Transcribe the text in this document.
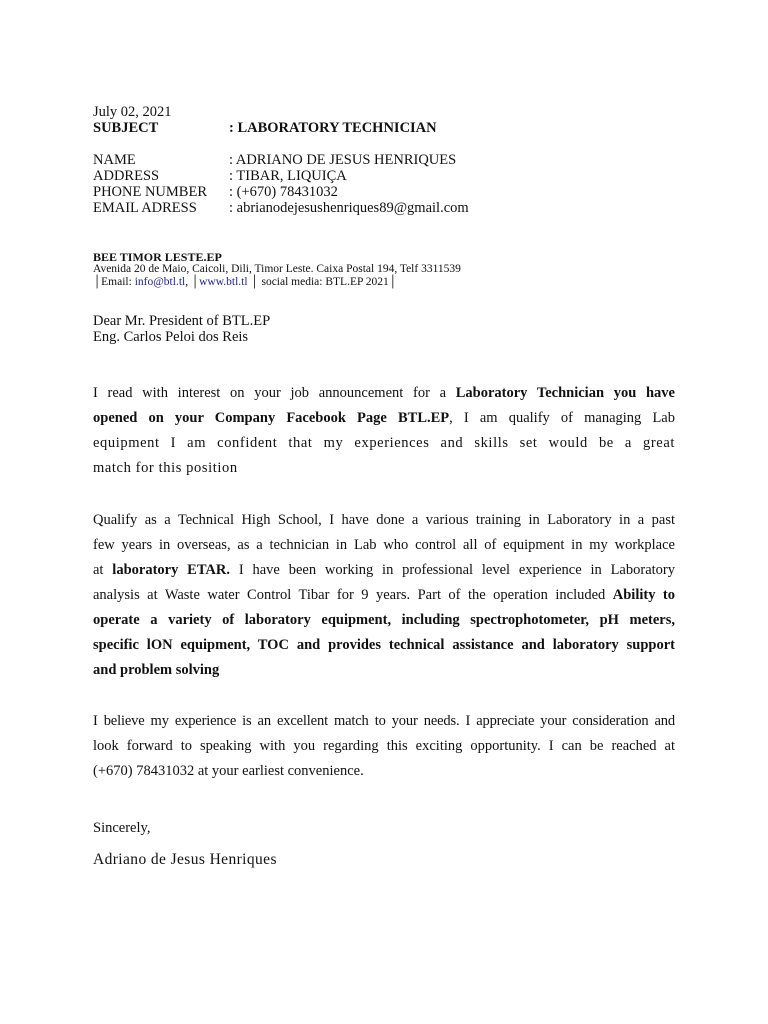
July 02, 2021
SUBJECT	: LABORATORY TECHNICIAN
NAME	: ADRIANO DE JESUS HENRIQUES
ADDRESS	: TIBAR, LIQUIÇA
PHONE NUMBER	: (+670) 78431032
EMAIL ADRESS	: abrianodejesushenriques89@gmail.com
BEE TIMOR LESTE.EP
Avenida 20 de Maio, Caicoli, Dili, Timor Leste. Caixa Postal 194, Telf 3311539
│Email: info@btl.tl, │www.btl.tl │ social media: BTL.EP 2021│
Dear Mr. President of BTL.EP
Eng. Carlos Peloi dos Reis
I read with interest on your job announcement for a Laboratory Technician you have
opened on your Company Facebook Page BTL.EP, I am qualify of managing Lab
equipment I am confident that my experiences and skills set would be a great
match for this position
Qualify as a Technical High School, I have done a various training in Laboratory in a past
few years in overseas, as a technician in Lab who control all of equipment in my workplace
at laboratory ETAR. I have been working in professional level experience in Laboratory
analysis at Waste water Control Tibar for 9 years. Part of the operation included Ability to
operate a variety of laboratory equipment, including spectrophotometer, pH meters,
specific lON equipment, TOC and provides technical assistance and laboratory support
and problem solving
I believe my experience is an excellent match to your needs. I appreciate your consideration and
look forward to speaking with you regarding this exciting opportunity. I can be reached at
(+670) 78431032 at your earliest convenience.
Sincerely,
Adriano de Jesus Henriques
